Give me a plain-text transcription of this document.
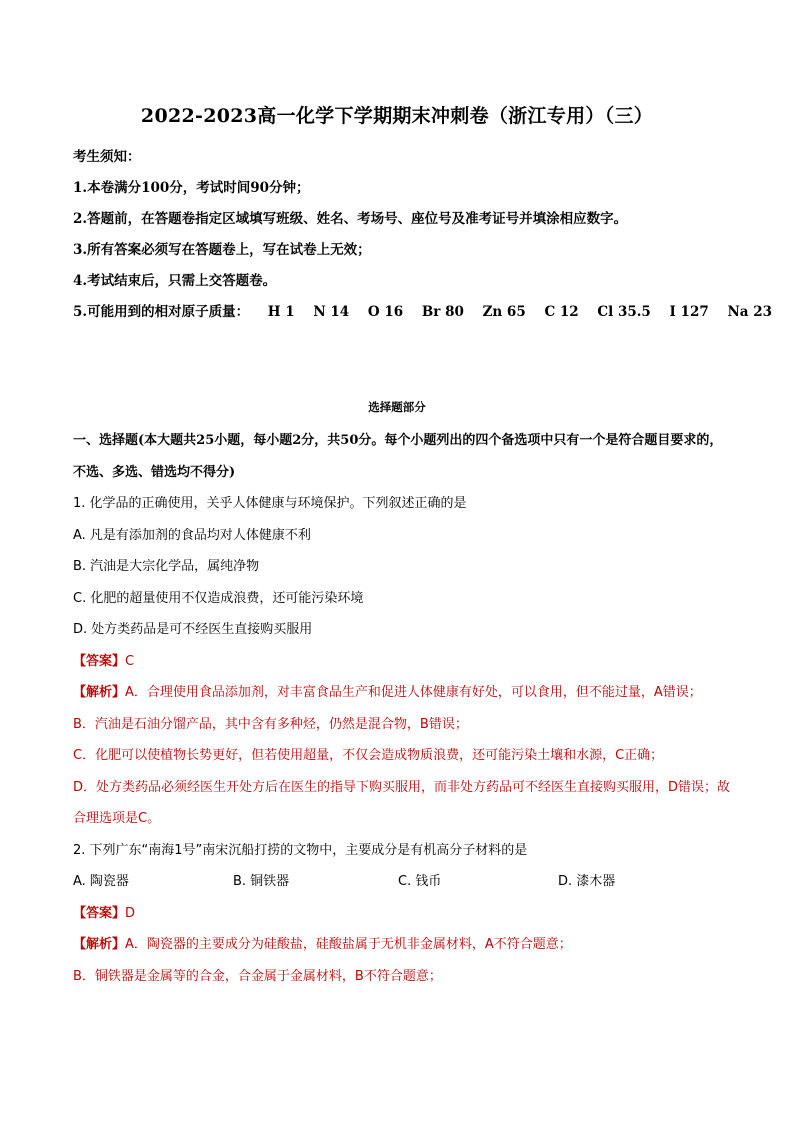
2022-2023高一化学下学期期末冲刺卷（浙江专用）（三）
考生须知：
1.本卷满分100分，考试时间90分钟；
2.答题前，在答题卷指定区域填写班级、姓名、考场号、座位号及准考证号并填涂相应数字。
3.所有答案必须写在答题卷上，写在试卷上无效；
4.考试结束后，只需上交答题卷。
5.可能用到的相对原子质量： H 1 N 14 O 16 Br 80 Zn 65 C 12 Cl 35.5 I 127 Na 23
选择题部分
一、选择题(本大题共25小题，每小题2分，共50分。每个小题列出的四个备选项中只有一个是符合题目要求的，不选、多选、错选均不得分)
1. 化学品的正确使用，关乎人体健康与环境保护。下列叙述正确的是
A. 凡是有添加剂的食品均对人体健康不利
B. 汽油是大宗化学品，属纯净物
C. 化肥的超量使用不仅造成浪费，还可能污染环境
D. 处方类药品是可不经医生直接购买服用
【答案】C
【解析】A．合理使用食品添加剂，对丰富食品生产和促进人体健康有好处，可以食用，但不能过量，A错误；
B．汽油是石油分馏产品，其中含有多种烃，仍然是混合物，B错误；
C．化肥可以使植物长势更好，但若使用超量，不仅会造成物质浪费，还可能污染土壤和水源，C正确；
D．处方类药品必须经医生开处方后在医生的指导下购买服用，而非处方药品可不经医生直接购买服用，D错误；故合理选项是C。
2. 下列广东“南海1号”南宋沉船打捞的文物中，主要成分是有机高分子材料的是
A. 陶瓷器	B. 铜铁器	C. 钱币	D. 漆木器
【答案】D
【解析】A．陶瓷器的主要成分为硅酸盐，硅酸盐属于无机非金属材料，A不符合题意；
B．铜铁器是金属等的合金，合金属于金属材料，B不符合题意；
